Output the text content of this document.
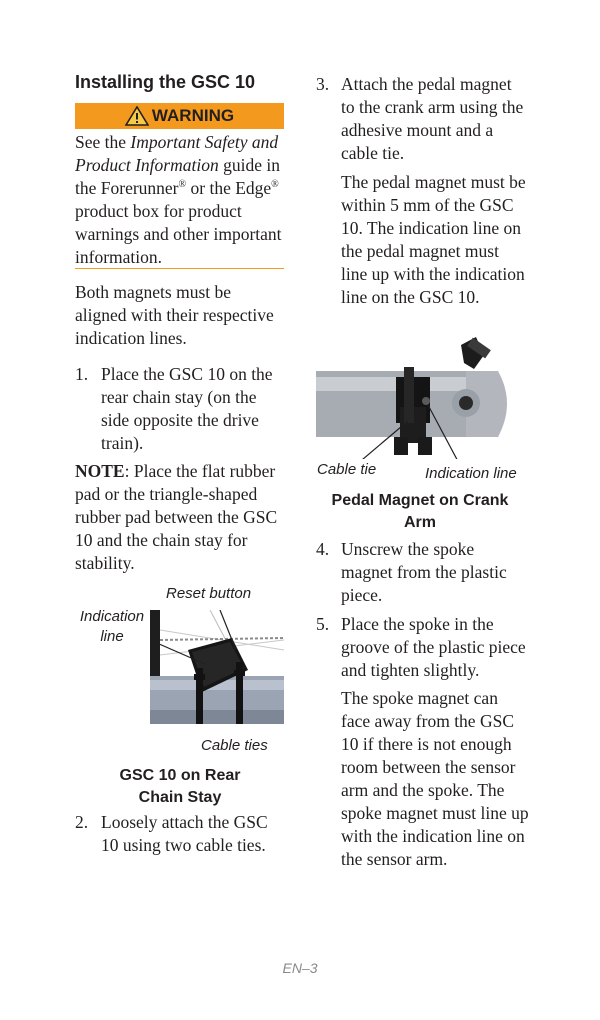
Installing the GSC 10
WARNING

See the Important Safety and Product Information guide in the Forerunner® or the Edge® product box for product warnings and other important information.

Both magnets must be aligned with their respective indication lines.

1. Place the GSC 10 on the rear chain stay (on the side opposite the drive train).

NOTE: Place the flat rubber pad or the triangle-shaped rubber pad between the GSC 10 and the chain stay for stability.

Reset button
Indication line
Cable ties
GSC 10 on Rear Chain Stay
2. Loosely attach the GSC 10 using two cable ties.

3. Attach the pedal magnet to the crank arm using the adhesive mount and a cable tie.

The pedal magnet must be within 5 mm of the GSC 10. The indication line on the pedal magnet must line up with the indication line on the GSC 10.

Cable tie	Indication line
Pedal Magnet on Crank Arm
4. Unscrew the spoke magnet from the plastic piece.

5. Place the spoke in the groove of the plastic piece and tighten slightly.

The spoke magnet can face away from the GSC 10 if there is not enough room between the sensor arm and the spoke. The spoke magnet must line up with the indication line on the sensor arm.

EN–3
